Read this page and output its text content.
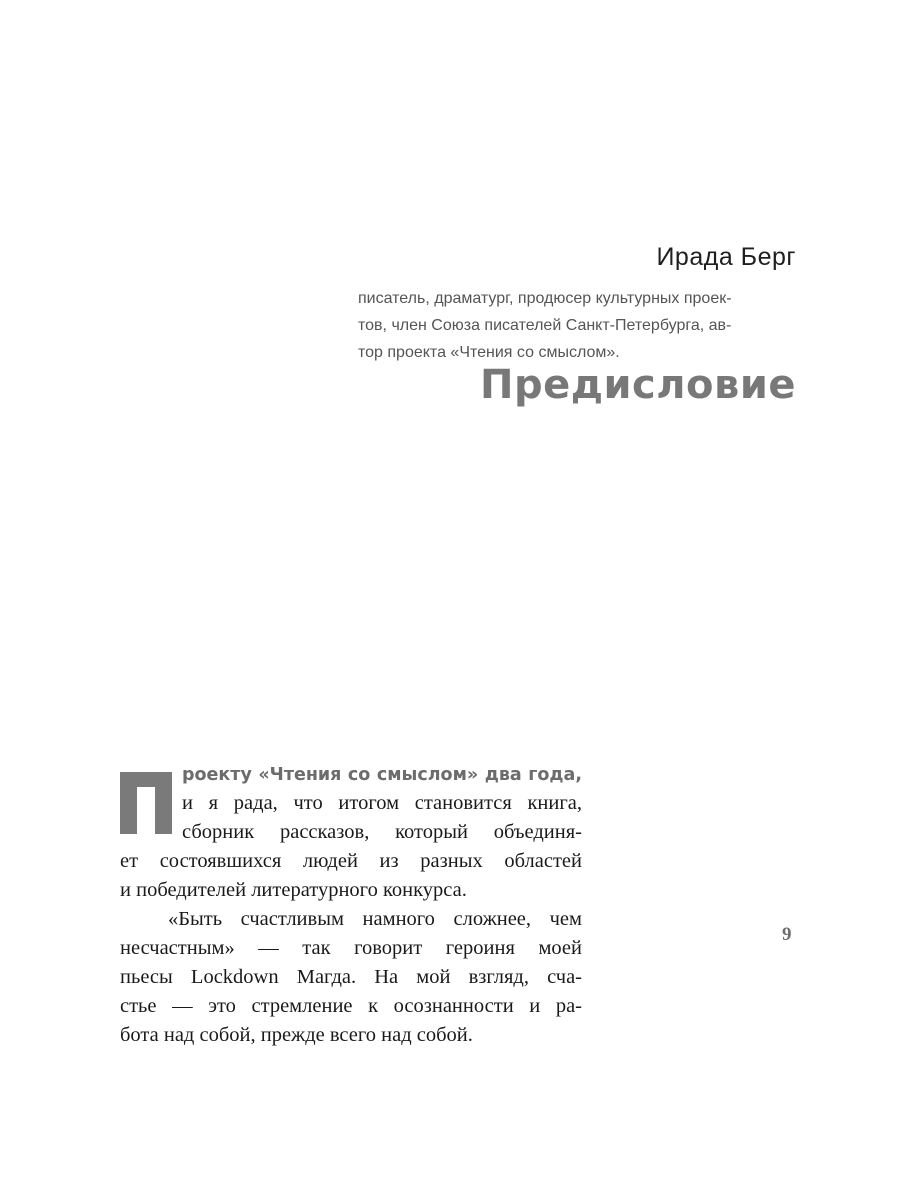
Ирада Берг
писатель, драматург, продюсер культурных проек-
тов, член Союза писателей Санкт-Петербурга, ав-
тор проекта «Чтения со смыслом».
Предисловие
роекту «Чтения со смыслом» два года,
и я рада, что итогом становится книга,
сборник рассказов, который объединя-
ет состоявшихся людей из разных областей
и победителей литературного конкурса.
«Быть счастливым намного сложнее, чем
несчастным» — так говорит героиня моей
пьесы Lockdown Магда. На мой взгляд, сча-
стье — это стремление к осознанности и ра-
бота над собой, прежде всего над собой.
9
